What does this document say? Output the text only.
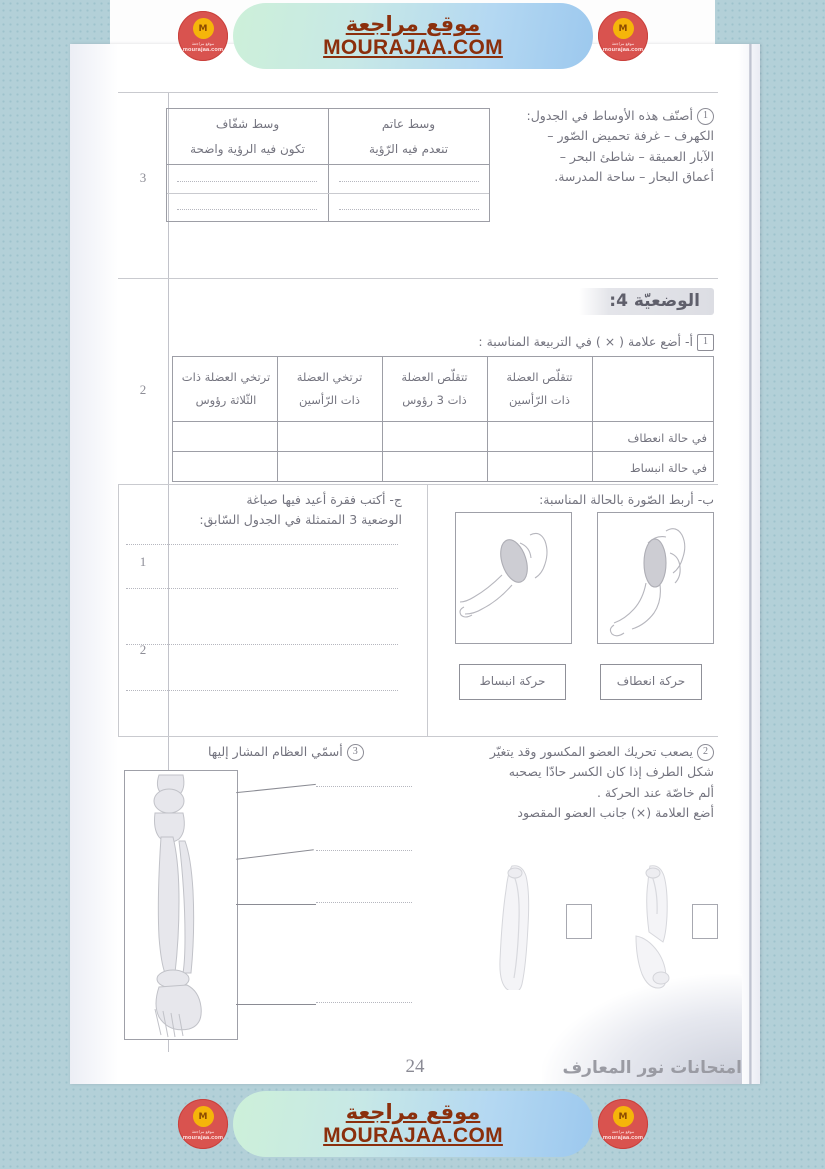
24	امتحانات نور المعارف
3
2
1
2
1أصنّف هذه الأوساط في الجدول:
الكهرف – غرفة تحميض الصّور –
الآبار العميقة – شاطئ البحر –
أعماق البحار – ساحة المدرسة.
وسط عاتم
تنعدم فيه الرّؤية
وسط شفّاف
تكون فيه الرؤية واضحة
الوضعيّة 4:
1أ- أضع علامة ( × ) في التربيعة المناسبة :
تتقلّص العضلة
ذات الرّأسين
تتقلّص العضلة
ذات 3 رؤوس
ترتخي العضلة
ذات الرّأسين
ترتخي العضلة ذات
الثّلاثة رؤوس
في حالة انعطاف
في حالة انبساط
ب- أربط الصّورة بالحالة المناسبة:
حركة انعطاف
حركة انبساط
ج- أكتب فقرة أعيد فيها صياغة
الوضعية 3 المتمثلة في الجدول السّابق:
2يصعب تحريك العضو المكسور وقد يتغيّر
شكل الطرف إذا كان الكسر حادّا يصحبه
ألم خاصّة عند الحركة .
أضع العلامة (×) جانب العضو المقصود
3أسمّي العظام المشار إليها
M
موقع مراجعة
mourajaa.com
M
موقع مراجعة
mourajaa.com
موقع مراجعة
MOURAJAA.COM
M
موقع مراجعة
mourajaa.com
M
موقع مراجعة
mourajaa.com
موقع مراجعة
MOURAJAA.COM
